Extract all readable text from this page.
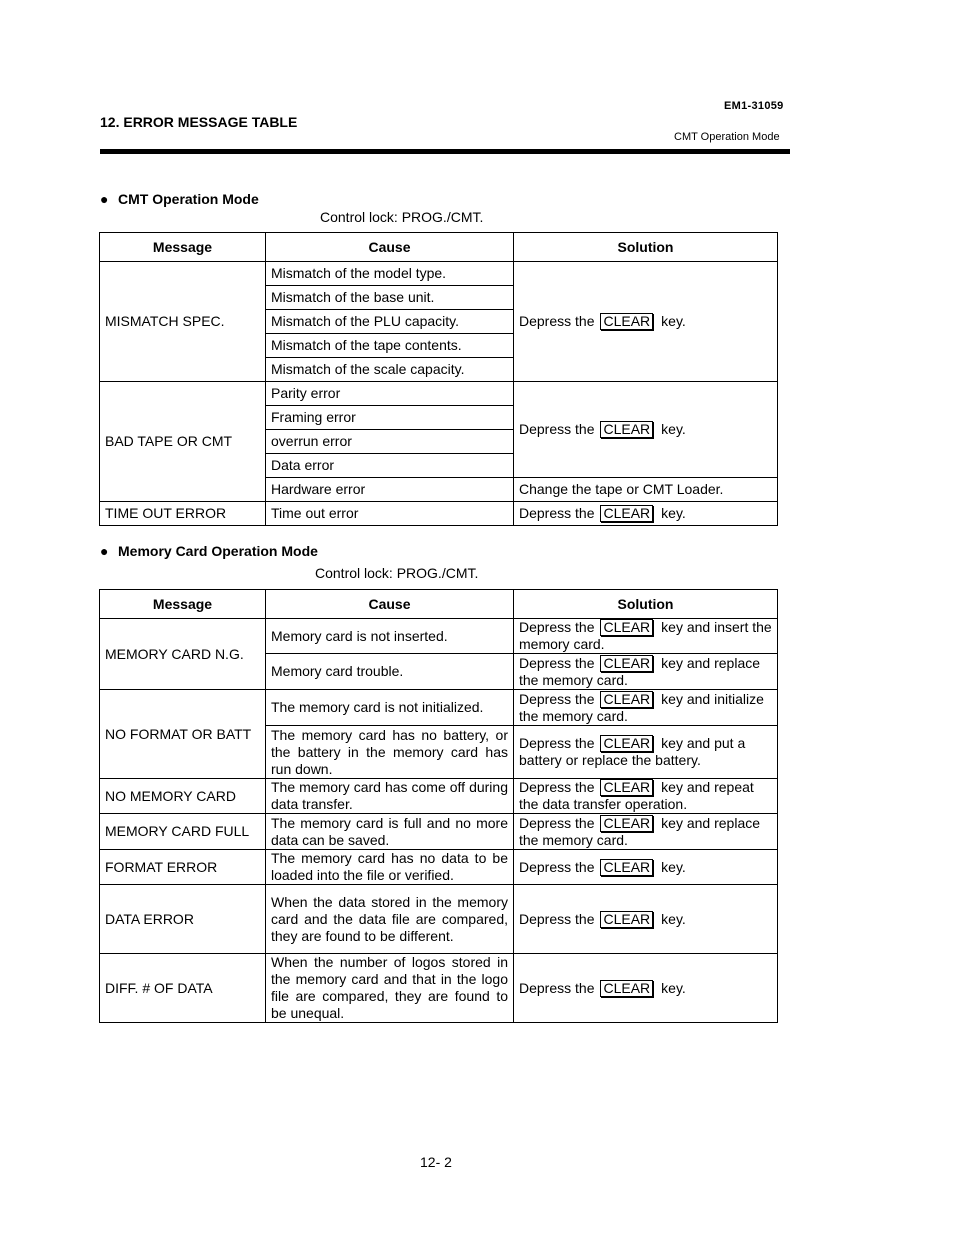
12. ERROR MESSAGE TABLE
EM1-31059
CMT Operation Mode
● CMT Operation Mode
Control lock: PROG./CMT.
Message	Cause	Solution
MISMATCH SPEC.	Mismatch of the model type.	Depress the CLEAR key.
	Mismatch of the base unit.	
	Mismatch of the PLU capacity.	
	Mismatch of the tape contents.	
	Mismatch of the scale capacity.	
BAD TAPE OR CMT	Parity error	Depress the CLEAR key.
	Framing error	
	overrun error	
	Data error	
	Hardware error	Change the tape or CMT Loader.
TIME OUT ERROR	Time out error	Depress the CLEAR key.
● Memory Card Operation Mode
Control lock: PROG./CMT.
Message	Cause	Solution
MEMORY CARD N.G.	Memory card is not inserted.	Depress the CLEAR key and insert the memory card.
	Memory card trouble.	Depress the CLEAR key and replace the memory card.
NO FORMAT OR BATT	The memory card is not initialized.	Depress the CLEAR key and initialize the memory card.
	The memory card has no battery, or the battery in the memory card has run down.	Depress the CLEAR key and put a battery or replace the battery.
NO MEMORY CARD	The memory card has come off during data transfer.	Depress the CLEAR key and repeat the data transfer operation.
MEMORY CARD FULL	The memory card is full and no more data can be saved.	Depress the CLEAR key and replace the memory card.
FORMAT ERROR	The memory card has no data to be loaded into the file or verified.	Depress the CLEAR key.
DATA ERROR	When the data stored in the memory card and the data file are compared, they are found to be different.	Depress the CLEAR key.
DIFF. # OF DATA	When the number of logos stored in the memory card and that in the logo file are compared, they are found to be unequal.	Depress the CLEAR key.
12- 2
